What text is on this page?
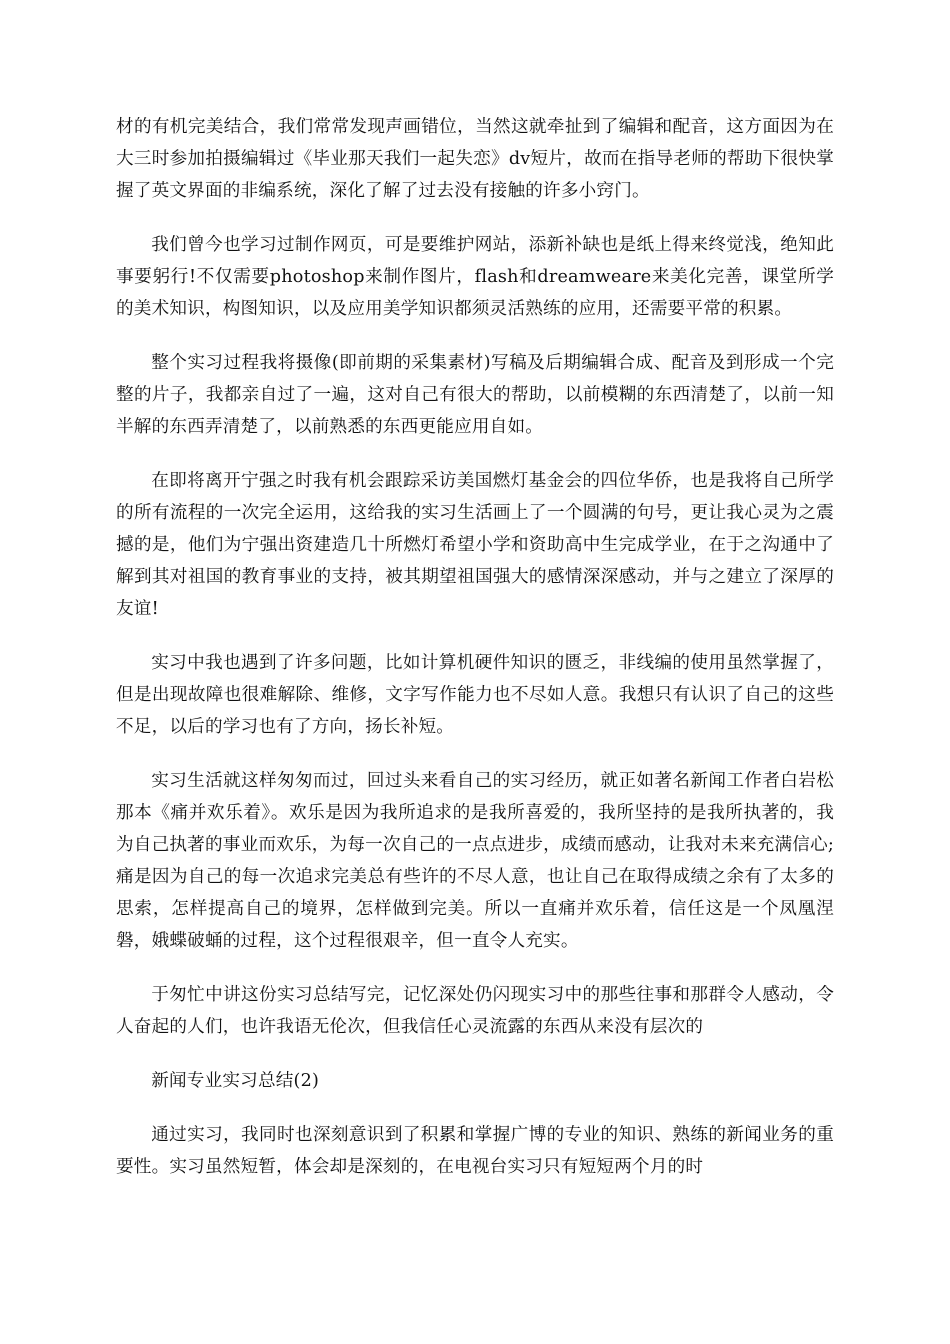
材的有机完美结合，我们常常发现声画错位，当然这就牵扯到了编辑和配音，这方面因为在大三时参加拍摄编辑过《毕业那天我们一起失恋》dv短片，故而在指导老师的帮助下很快掌握了英文界面的非编系统，深化了解了过去没有接触的许多小窍门。

我们曾今也学习过制作网页，可是要维护网站，添新补缺也是纸上得来终觉浅，绝知此事要躬行!不仅需要photoshop来制作图片，flash和dreamweare来美化完善，课堂所学的美术知识，构图知识，以及应用美学知识都须灵活熟练的应用，还需要平常的积累。

整个实习过程我将摄像(即前期的采集素材)写稿及后期编辑合成、配音及到形成一个完整的片子，我都亲自过了一遍，这对自己有很大的帮助，以前模糊的东西清楚了，以前一知半解的东西弄清楚了，以前熟悉的东西更能应用自如。

在即将离开宁强之时我有机会跟踪采访美国燃灯基金会的四位华侨，也是我将自己所学的所有流程的一次完全运用，这给我的实习生活画上了一个圆满的句号，更让我心灵为之震撼的是，他们为宁强出资建造几十所燃灯希望小学和资助高中生完成学业，在于之沟通中了解到其对祖国的教育事业的支持，被其期望祖国强大的感情深深感动，并与之建立了深厚的友谊!

实习中我也遇到了许多问题，比如计算机硬件知识的匮乏，非线编的使用虽然掌握了，但是出现故障也很难解除、维修，文字写作能力也不尽如人意。我想只有认识了自己的这些不足，以后的学习也有了方向，扬长补短。

实习生活就这样匆匆而过，回过头来看自己的实习经历，就正如著名新闻工作者白岩松那本《痛并欢乐着》。欢乐是因为我所追求的是我所喜爱的，我所坚持的是我所执著的，我为自己执著的事业而欢乐，为每一次自己的一点点进步，成绩而感动，让我对未来充满信心;痛是因为自己的每一次追求完美总有些许的不尽人意，也让自己在取得成绩之余有了太多的思索，怎样提高自己的境界，怎样做到完美。所以一直痛并欢乐着，信任这是一个凤凰涅磐，娥蝶破蛹的过程，这个过程很艰辛，但一直令人充实。

于匆忙中讲这份实习总结写完，记忆深处仍闪现实习中的那些往事和那群令人感动，令人奋起的人们，也许我语无伦次，但我信任心灵流露的东西从来没有层次的

新闻专业实习总结(2)

通过实习，我同时也深刻意识到了积累和掌握广博的专业的知识、熟练的新闻业务的重要性。实习虽然短暂，体会却是深刻的，在电视台实习只有短短两个月的时
